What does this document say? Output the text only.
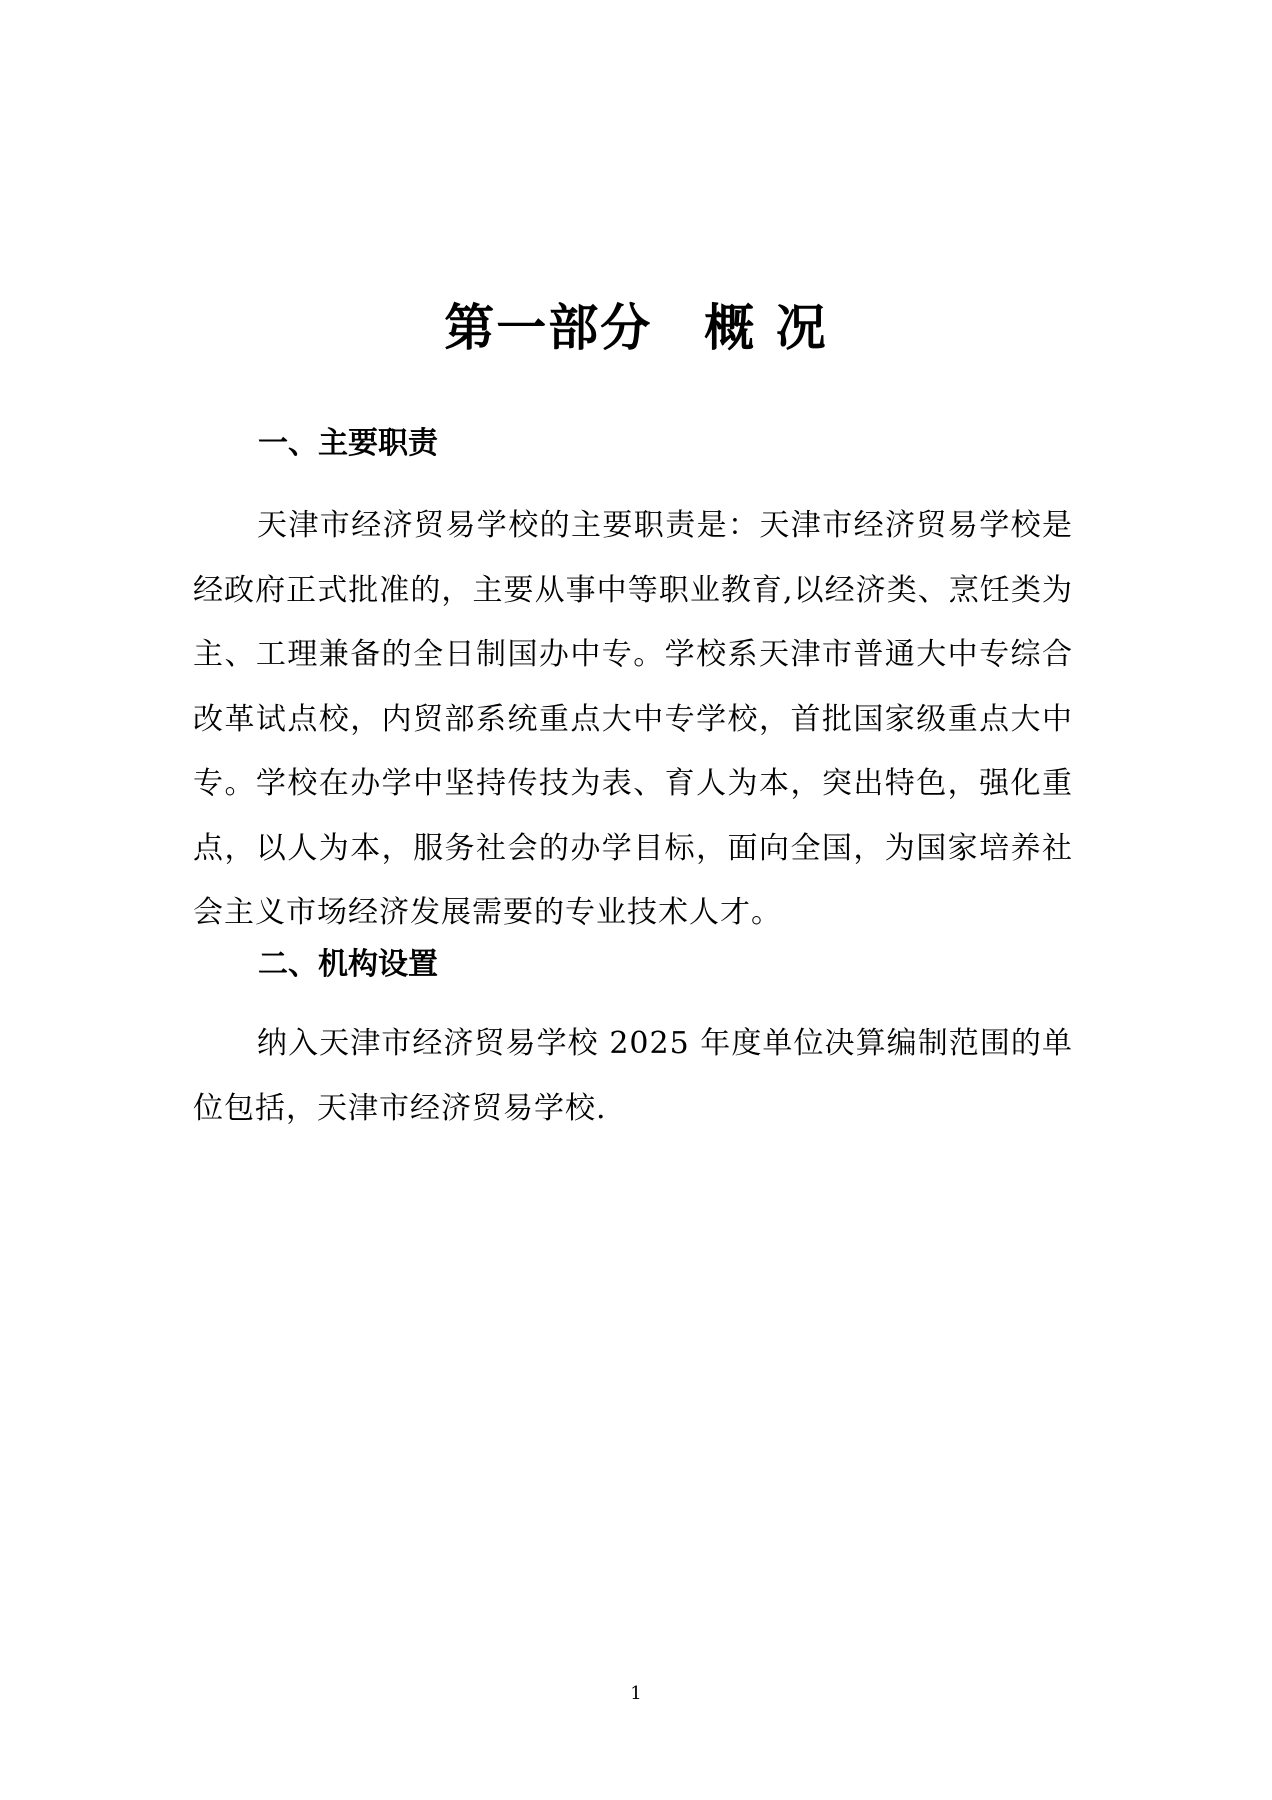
第一部分　概 况
一、主要职责

天津市经济贸易学校的主要职责是：天津市经济贸易学校是经政府正式批准的，主要从事中等职业教育,以经济类、烹饪类为主、工理兼备的全日制国办中专。学校系天津市普通大中专综合改革试点校，内贸部系统重点大中专学校，首批国家级重点大中专。学校在办学中坚持传技为表、育人为本，突出特色，强化重点，以人为本，服务社会的办学目标，面向全国，为国家培养社会主义市场经济发展需要的专业技术人才。

二、机构设置

纳入天津市经济贸易学校 2025 年度单位决算编制范围的单位包括，天津市经济贸易学校.

1
